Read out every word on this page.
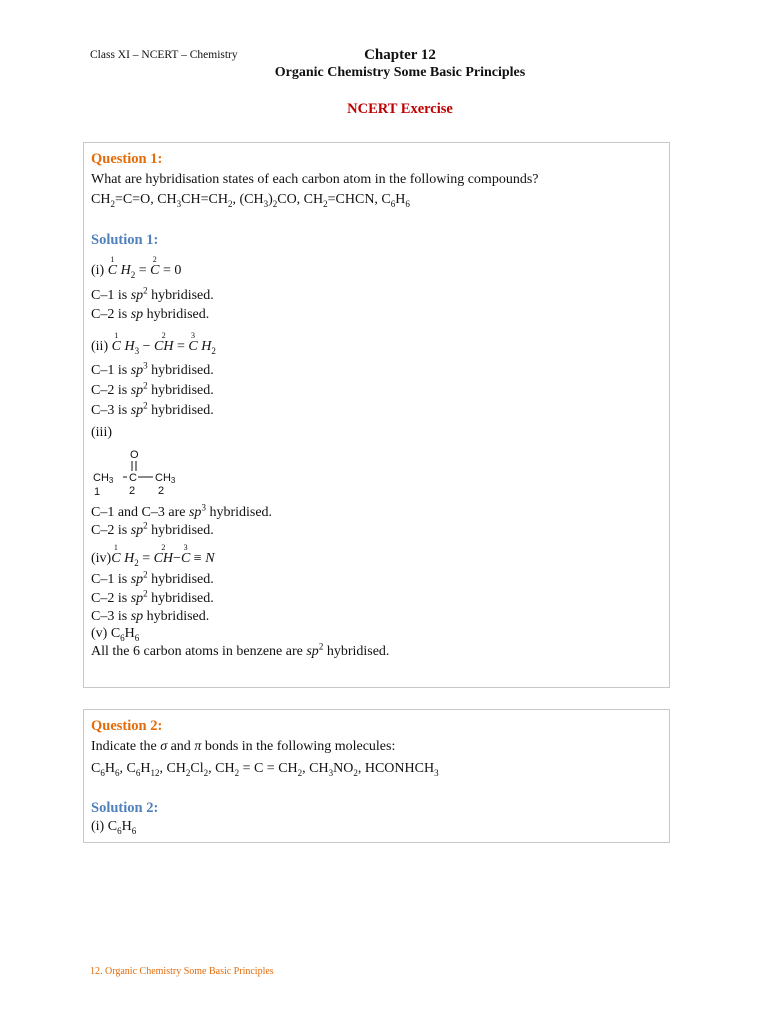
Class XI – NCERT – Chemistry	Chapter 12
Organic Chemistry Some Basic Principles
NCERT Exercise
Question 1:
What are hybridisation states of each carbon atom in the following compounds?
$CH_2=C=O$, $CH_3CH=CH_2$, $(CH_3)_2CO$, $CH_2=CHCN$, $C_6H_6$
Solution 1:
(i)
1
C $H_2$ =
2
C = 0
C–1 is $sp^2$ hybridised.
C–2 is sp hybridised.
(ii)
1
C $H_3$ −
2
CH =
3
C $H_2$
C–1 is $sp^3$ hybridised.
C–2 is $sp^2$ hybridised.
C–3 is $sp^2$ hybridised.
(iii)
O
CH3 C CH3
1	2 2
C–1 and C–3 are $sp^3$ hybridised.
C–2 is $sp^2$ hybridised.
(iv)
1
C $H_2$ =
2
CH−
3
C ≡ N
C–1 is $sp^2$ hybridised.
C–2 is $sp^2$ hybridised.
C–3 is sp hybridised.
(v) $C_6H_6$
All the 6 carbon atoms in benzene are $sp^2$ hybridised.
Question 2:
Indicate the σ and π bonds in the following molecules:
$C_6H_6$, $C_6H_{12}$, $CH_2Cl_2$, $CH_2 = C = CH_2$, $CH_3NO_2$, $HCONHCH_3$
Solution 2:
(i) $C_6H_6$
12. Organic Chemistry Some Basic Principles
